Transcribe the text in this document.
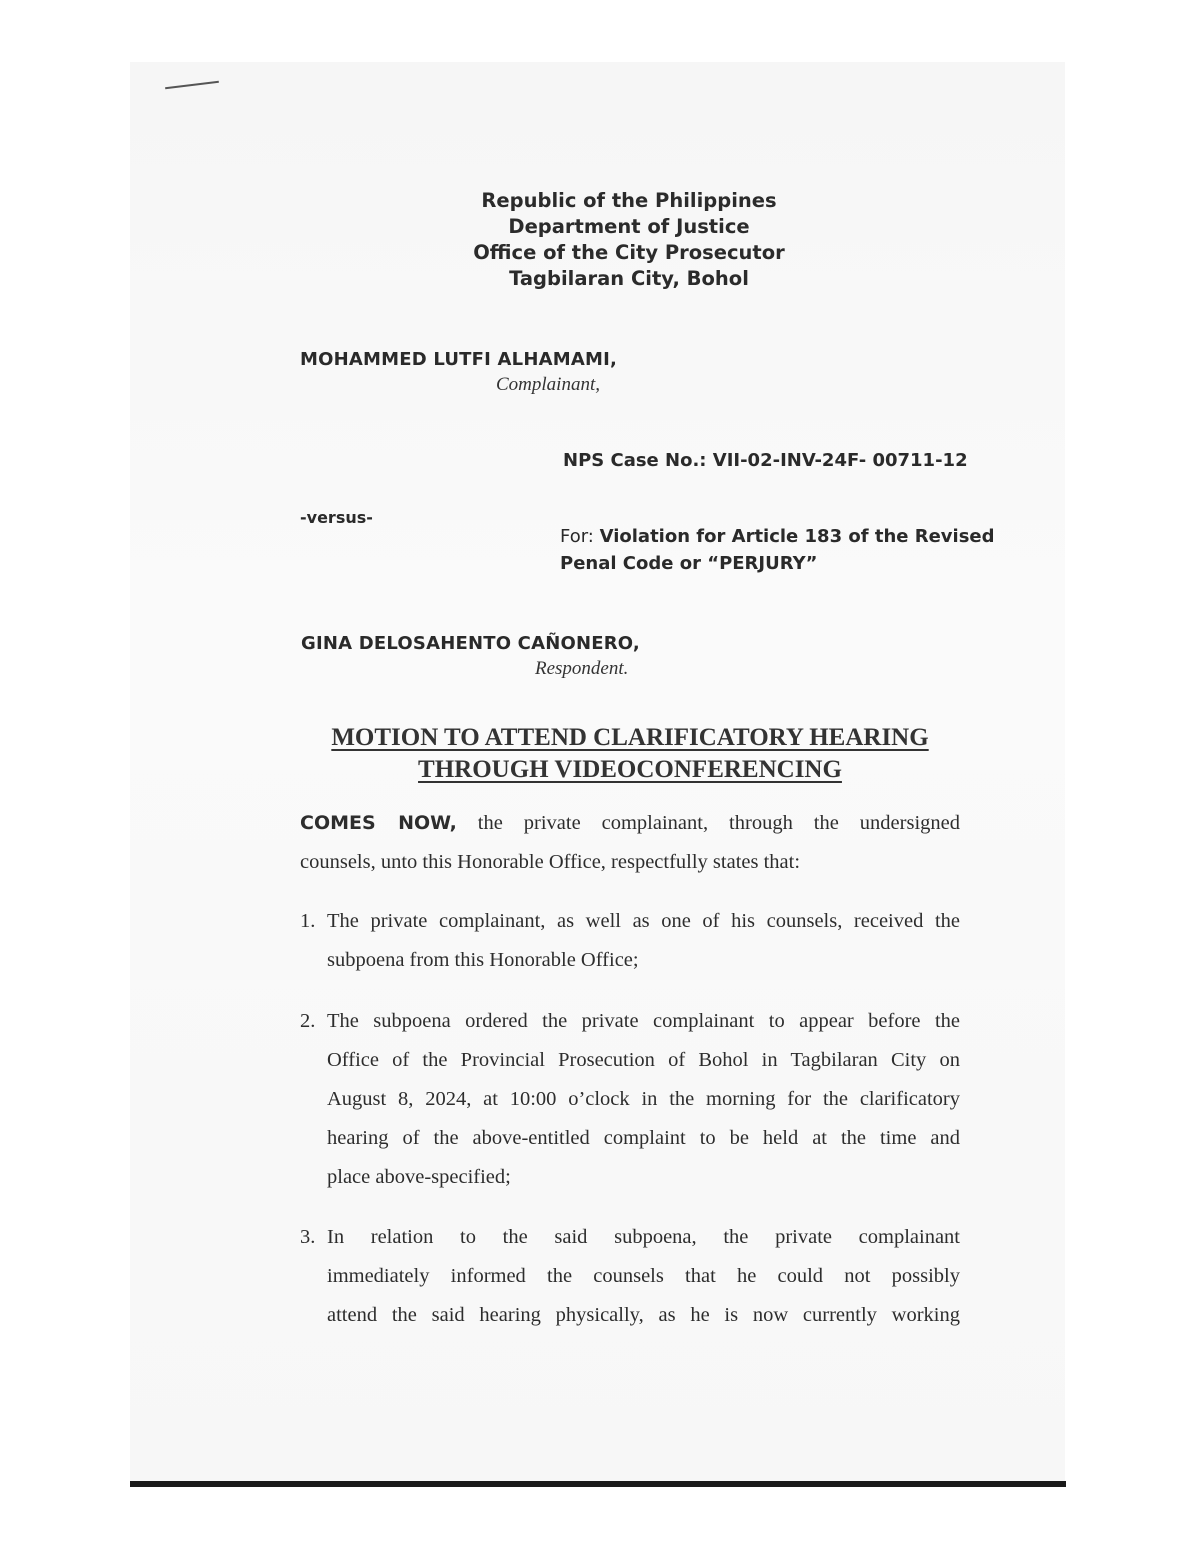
Republic of the Philippines
Department of Justice
Office of the City Prosecutor
Tagbilaran City, Bohol
MOHAMMED LUTFI ALHAMAMI,
Complainant,
NPS Case No.: VII-02-INV-24F- 00711-12
-versus-
For: Violation for Article 183 of the Revised
Penal Code or “PERJURY”
GINA DELOSAHENTO CAÑONERO,
Respondent.
MOTION TO ATTEND CLARIFICATORY HEARING
THROUGH VIDEOCONFERENCING
COMES NOW, the private complainant, through the undersigned
counsels, unto this Honorable Office, respectfully states that:
1. The private complainant, as well as one of his counsels, received the
subpoena from this Honorable Office;
2. The subpoena ordered the private complainant to appear before the
Office of the Provincial Prosecution of Bohol in Tagbilaran City on
August 8, 2024, at 10:00 o’clock in the morning for the clarificatory
hearing of the above-entitled complaint to be held at the time and
place above-specified;
3. In relation to the said subpoena, the private complainant
immediately informed the counsels that he could not possibly
attend the said hearing physically, as he is now currently working
